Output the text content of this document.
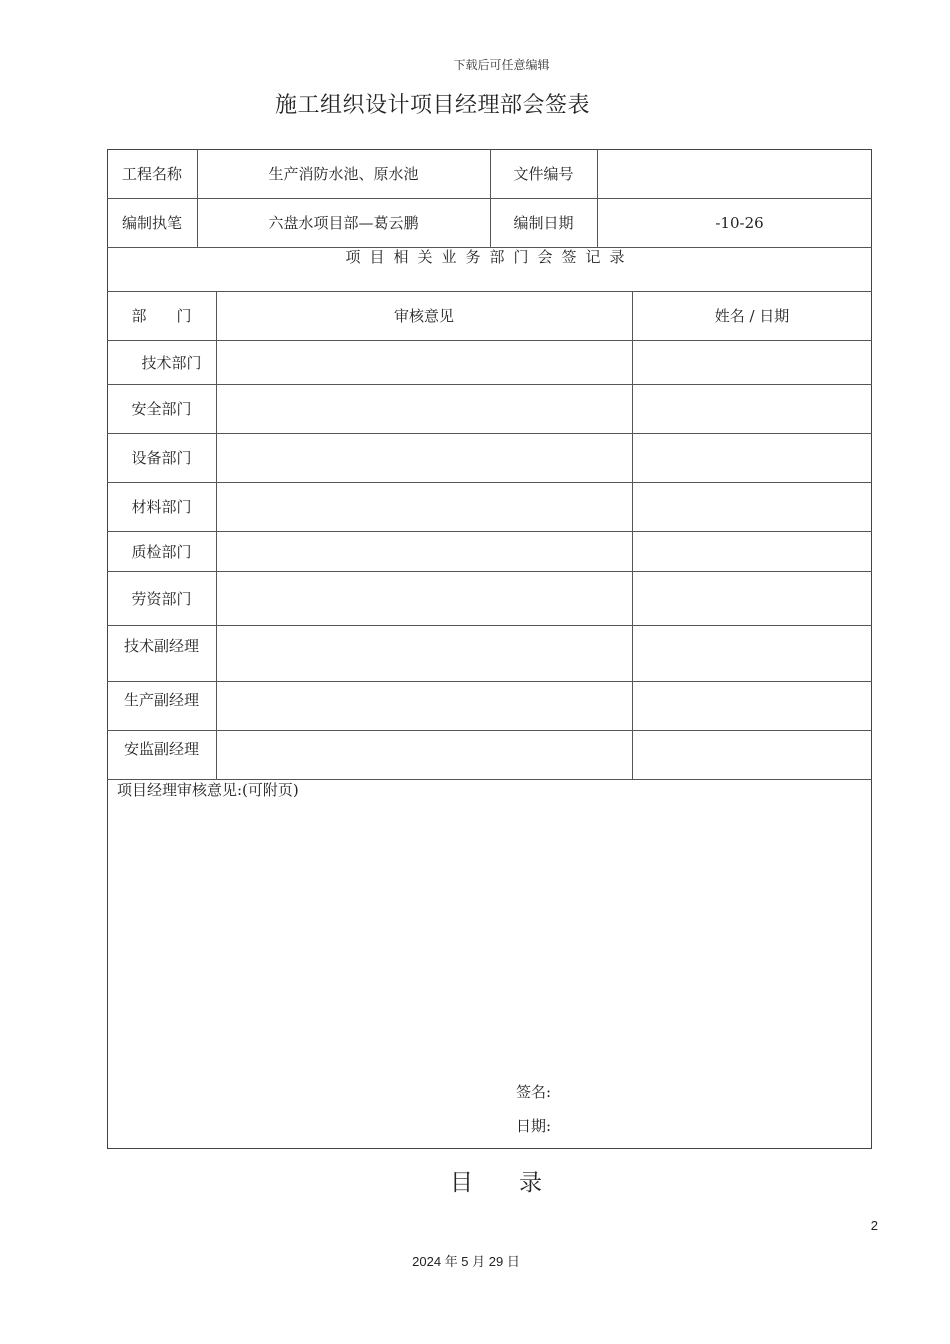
下载后可任意编辑
施工组织设计项目经理部会签表
工程名称	生产消防水池、原水池	文件编号
编制执笔	六盘水项目部—葛云鹏	编制日期	-10-26
项目相关业务部门会签记录
部　　门	审核意见	姓名 / 日期
技术部门
安全部门
设备部门
材料部门
质检部门
劳资部门
技术副经理
生产副经理
安监副经理
项目经理审核意见:(可附页)
签名:
日期:
目　　录
2
2024 年 5 月 29 日
